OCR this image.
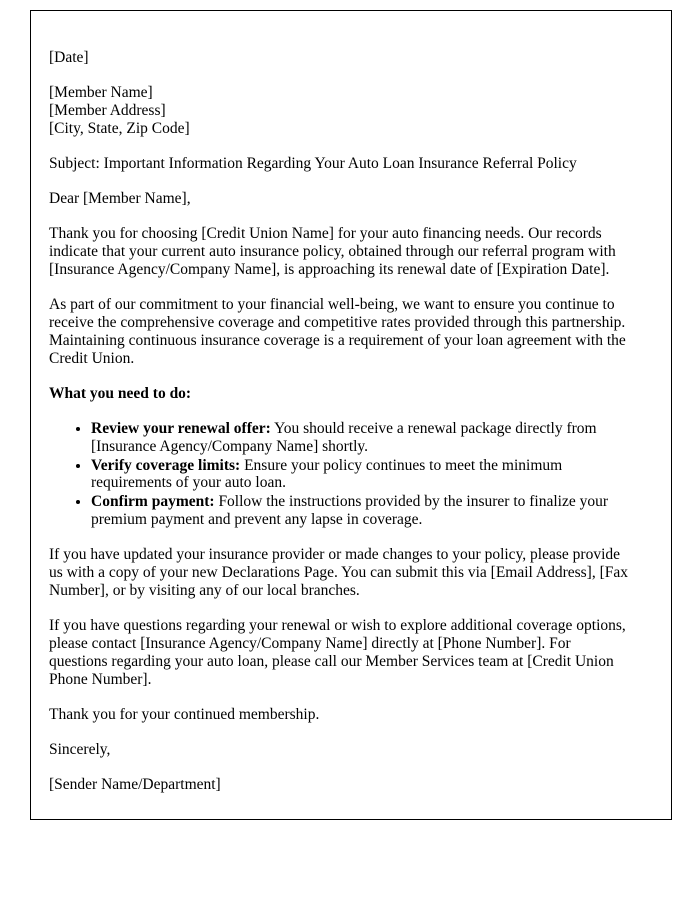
[Date]

[Member Name]

[Member Address]

[City, State, Zip Code]

Subject: Important Information Regarding Your Auto Loan Insurance Referral Policy

Dear [Member Name],

Thank you for choosing [Credit Union Name] for your auto financing needs. Our records indicate that your current auto insurance policy, obtained through our referral program with [Insurance Agency/Company Name], is approaching its renewal date of [Expiration Date].

As part of our commitment to your financial well-being, we want to ensure you continue to receive the comprehensive coverage and competitive rates provided through this partnership. Maintaining continuous insurance coverage is a requirement of your loan agreement with the Credit Union.

What you need to do:

• Review your renewal offer: You should receive a renewal package directly from [Insurance Agency/Company Name] shortly.
• Verify coverage limits: Ensure your policy continues to meet the minimum requirements of your auto loan.
• Confirm payment: Follow the instructions provided by the insurer to finalize your premium payment and prevent any lapse in coverage.

If you have updated your insurance provider or made changes to your policy, please provide us with a copy of your new Declarations Page. You can submit this via [Email Address], [Fax Number], or by visiting any of our local branches.

If you have questions regarding your renewal or wish to explore additional coverage options, please contact [Insurance Agency/Company Name] directly at [Phone Number]. For questions regarding your auto loan, please call our Member Services team at [Credit Union Phone Number].

Thank you for your continued membership.

Sincerely,

[Sender Name/Department]
